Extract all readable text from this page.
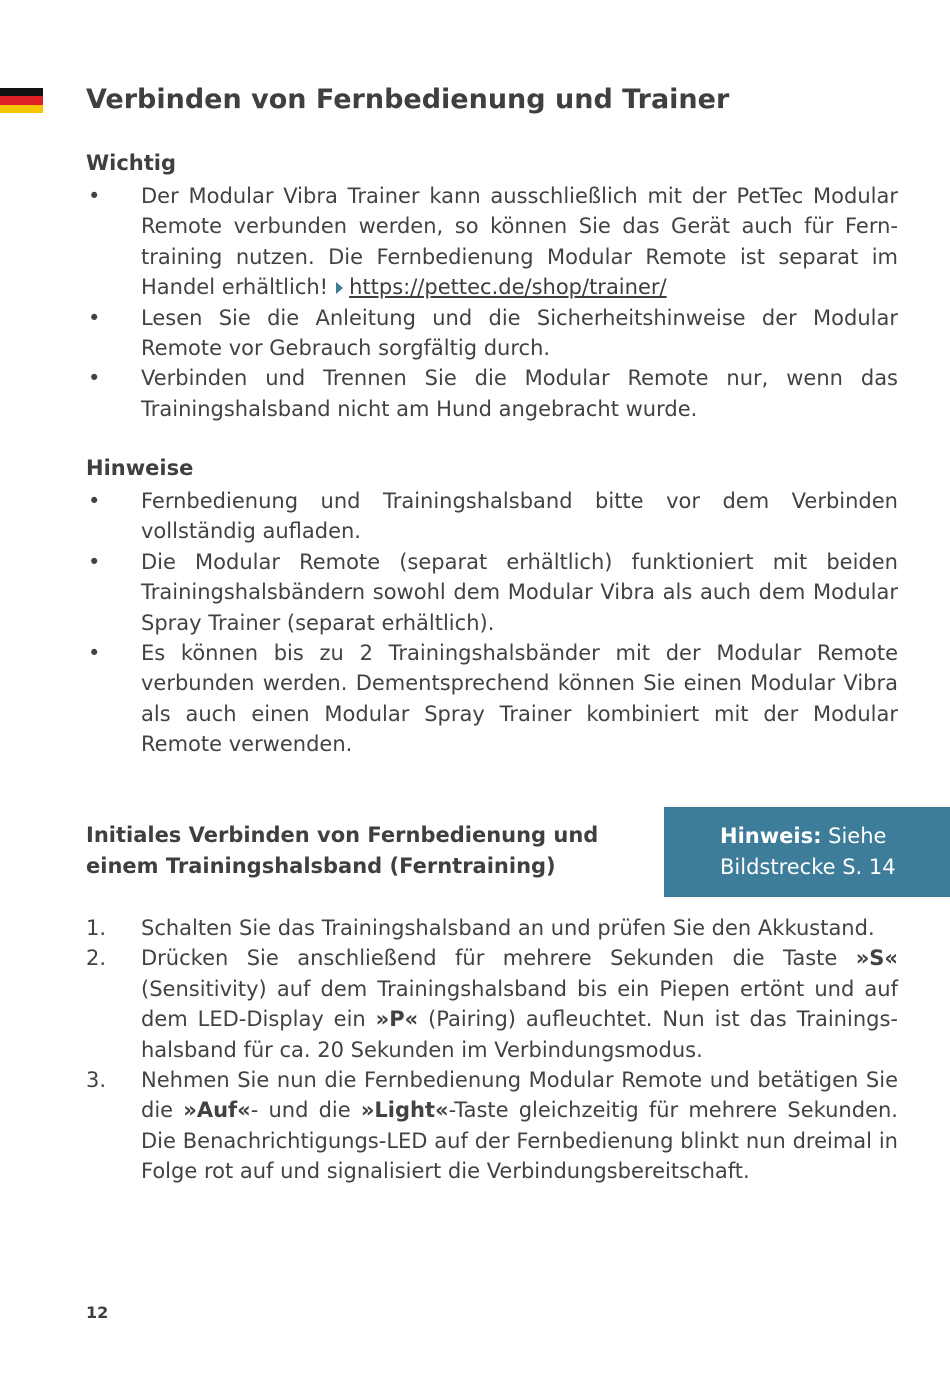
Verbinden von Fernbedienung und Trainer
Wichtig
• Der Modular Vibra Trainer kann ausschließlich mit der PetTec Modular Remote verbunden werden, so können Sie das Gerät auch für Fern-training nutzen. Die Fernbedienung Modular Remote ist separat im Handel erhältlich! https://pettec.de/shop/trainer/
• Lesen Sie die Anleitung und die Sicherheitshinweise der Modular Remote vor Gebrauch sorgfältig durch.
• Verbinden und Trennen Sie die Modular Remote nur, wenn das Trainingshalsband nicht am Hund angebracht wurde.
Hinweise
• Fernbedienung und Trainingshalsband bitte vor dem Verbinden vollständig aufladen.
• Die Modular Remote (separat erhältlich) funktioniert mit beiden Trainingshalsbändern sowohl dem Modular Vibra als auch dem Modular Spray Trainer (separat erhältlich).
• Es können bis zu 2 Trainingshalsbänder mit der Modular Remote verbunden werden. Dementsprechend können Sie einen Modular Vibra als auch einen Modular Spray Trainer kombiniert mit der Modular Remote verwenden.
Initiales Verbinden von Fernbedienung und einem Trainingshalsband (Ferntraining)
Hinweis: Siehe Bildstrecke S. 14
1. Schalten Sie das Trainingshalsband an und prüfen Sie den Akkustand.
2. Drücken Sie anschließend für mehrere Sekunden die Taste »S« (Sensitivity) auf dem Trainingshalsband bis ein Piepen ertönt und auf dem LED-Display ein »P« (Pairing) aufleuchtet. Nun ist das Trainings-halsband für ca. 20 Sekunden im Verbindungsmodus.
3. Nehmen Sie nun die Fernbedienung Modular Remote und betätigen Sie die »Auf«- und die »Light«-Taste gleichzeitig für mehrere Sekunden. Die Benachrichtigungs-LED auf der Fernbedienung blinkt nun dreimal in Folge rot auf und signalisiert die Verbindungsbereitschaft.
12
